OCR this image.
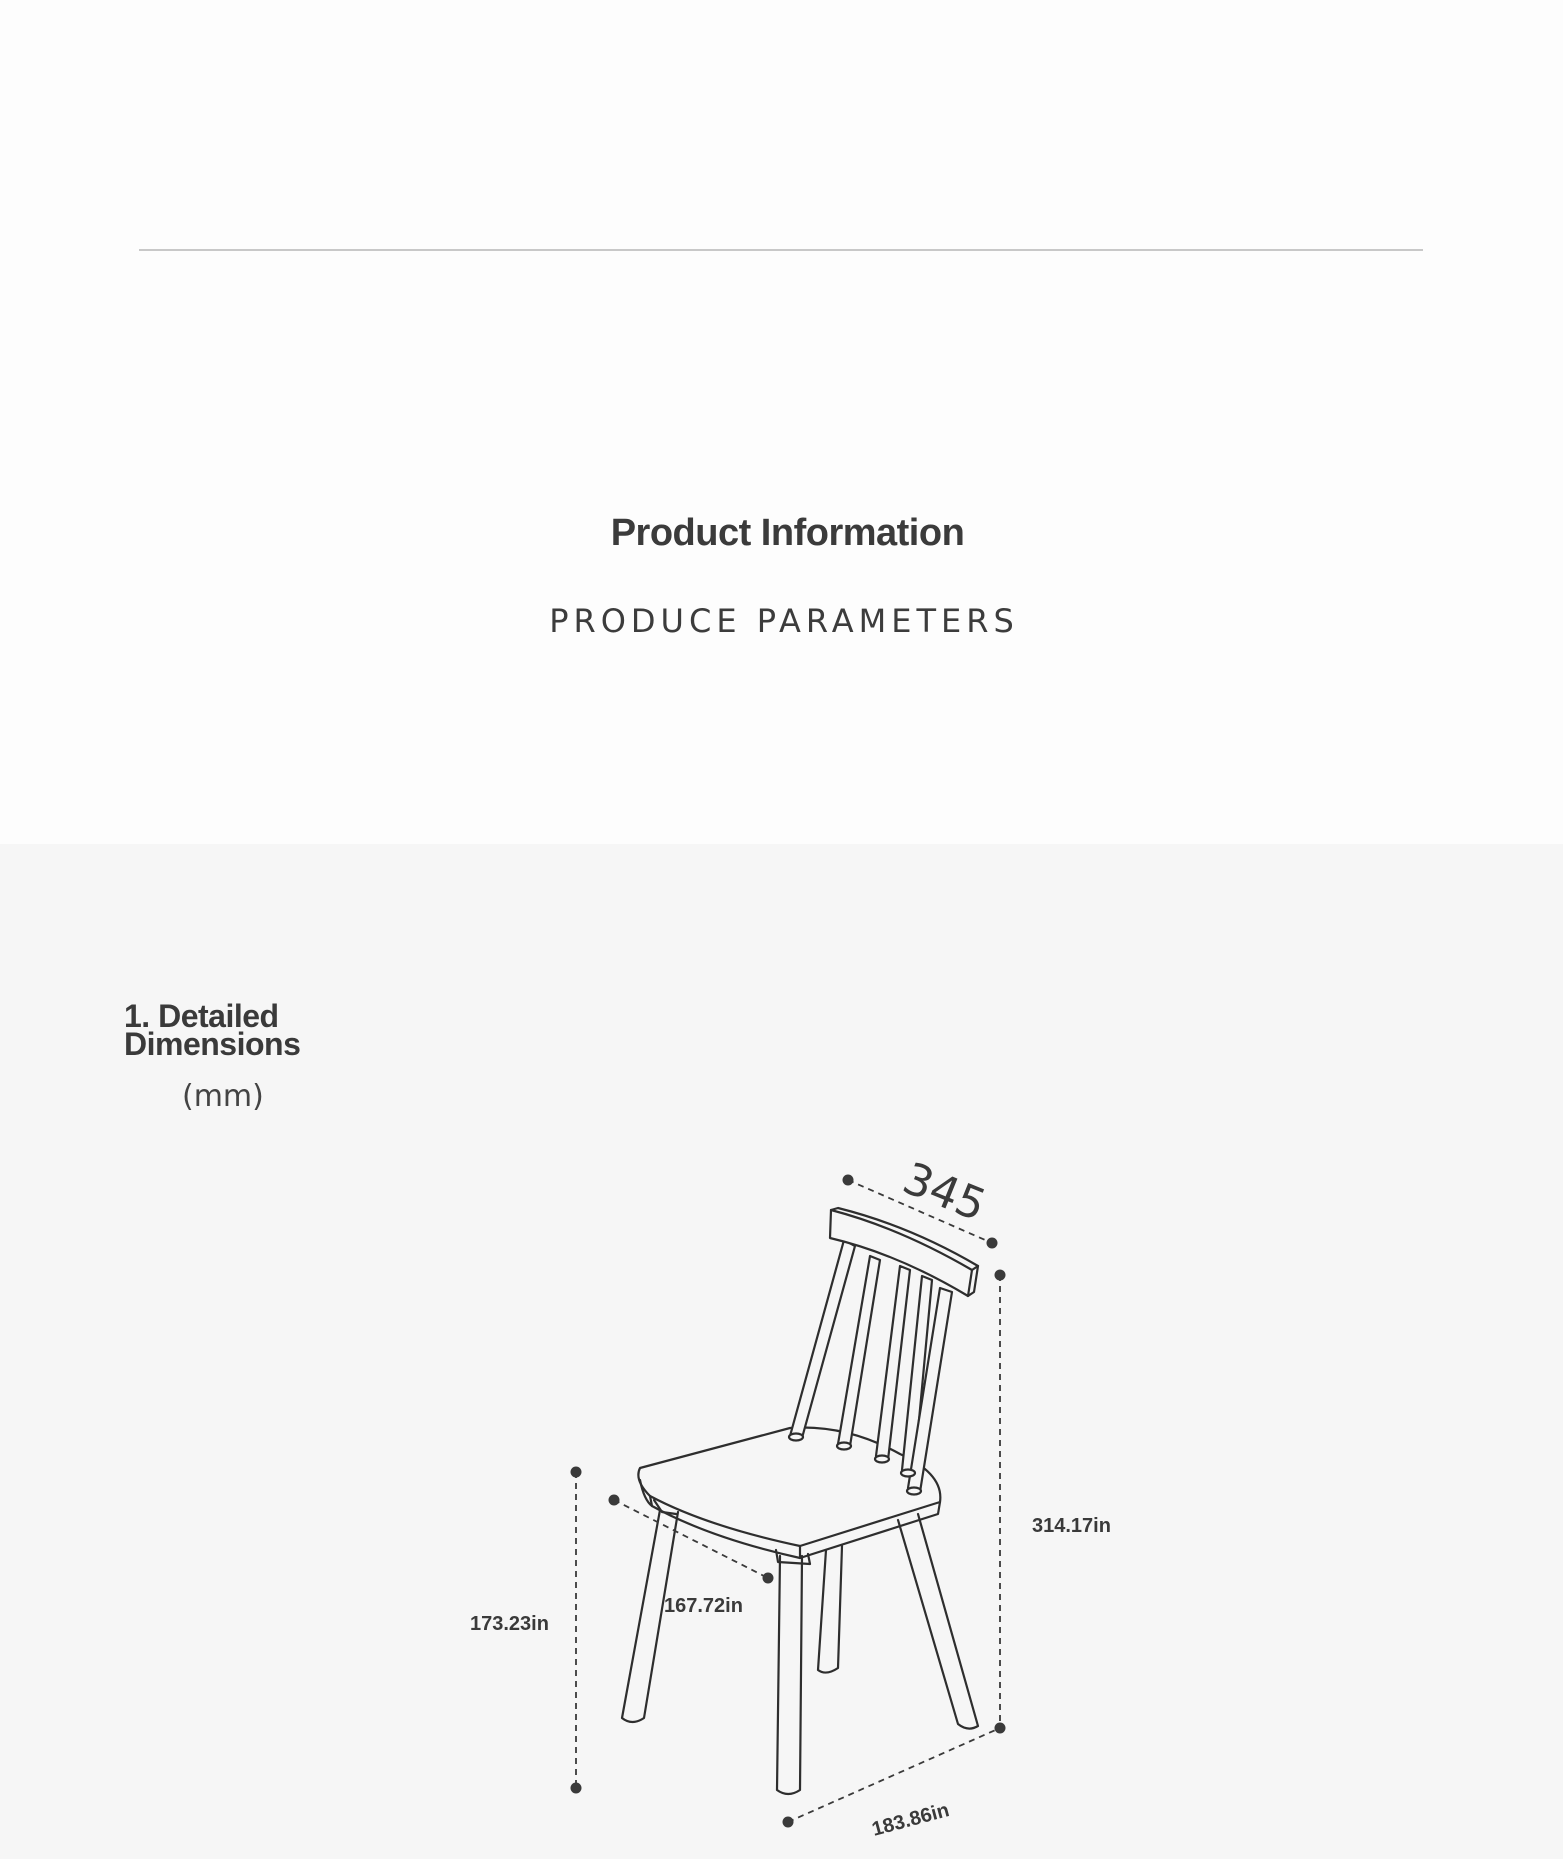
Product Information
PRODUCE PARAMETERS
1. Detailed
Dimensions
(mm)
345
314.17in
173.23in
167.72in
183.86in
